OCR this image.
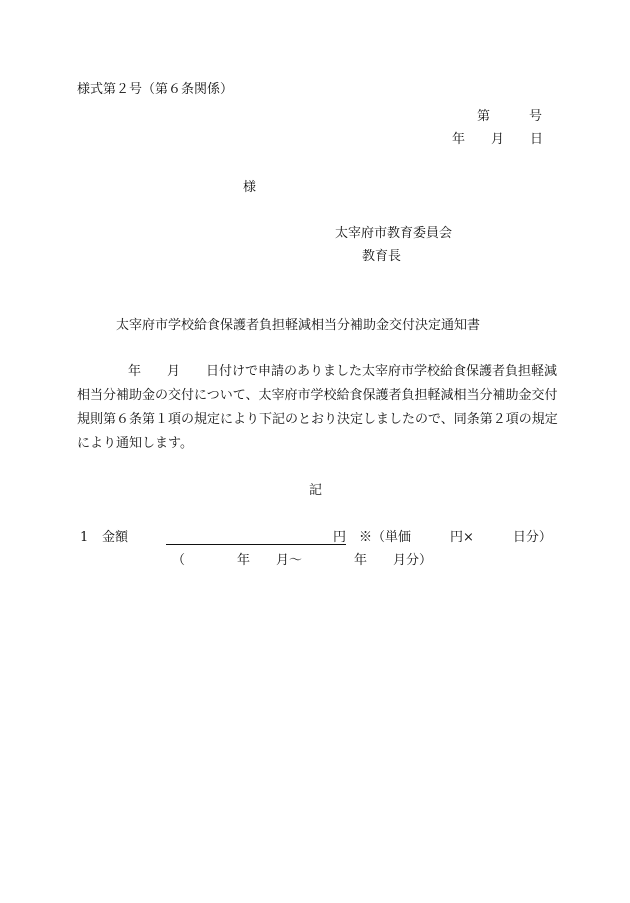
様式第２号（第６条関係）
第　　　号
年　　月　　日
様
太宰府市教育委員会
教育長
太宰府市学校給食保護者負担軽減相当分補助金交付決定通知書
年　　月　　日付けで申請のありました太宰府市学校給食保護者負担軽減
相当分補助金の交付について、太宰府市学校給食保護者負担軽減相当分補助金交付
規則第６条第１項の規定により下記のとおり決定しましたので、同条第２項の規定
により通知します。
記
1 金額	円 ※（単価　　　円×　　　日分）
（　　　　年　　月～　　　　年　　月分）
